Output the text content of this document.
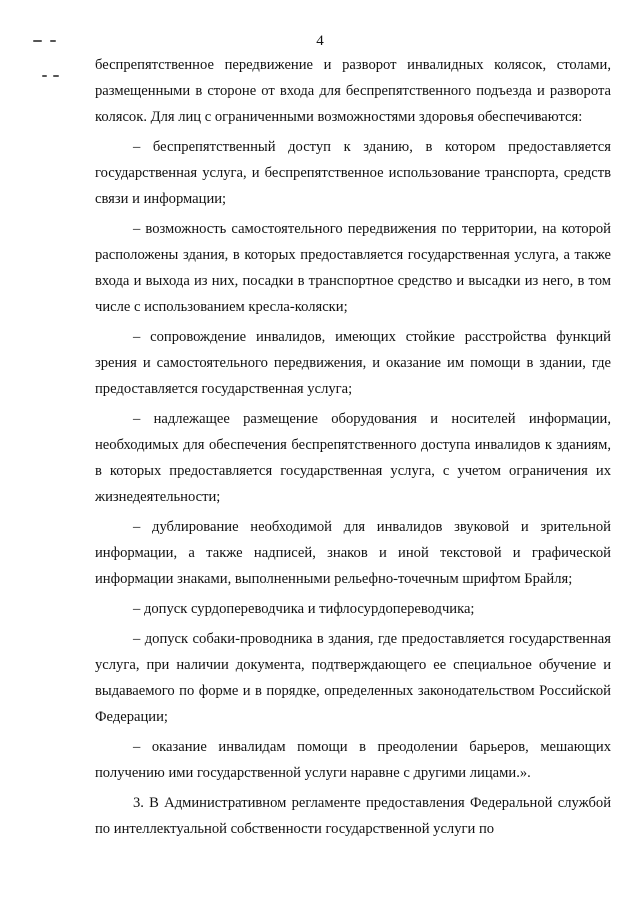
4

беспрепятственное передвижение и разворот инвалидных колясок, столами, размещенными в стороне от входа для беспрепятственного подъезда и разворота колясок. Для лиц с ограниченными возможностями здоровья обеспечиваются:

– беспрепятственный доступ к зданию, в котором предоставляется государственная услуга, и беспрепятственное использование транспорта, средств связи и информации;

– возможность самостоятельного передвижения по территории, на которой расположены здания, в которых предоставляется государственная услуга, а также входа и выхода из них, посадки в транспортное средство и высадки из него, в том числе с использованием кресла-коляски;

– сопровождение инвалидов, имеющих стойкие расстройства функций зрения и самостоятельного передвижения, и оказание им помощи в здании, где предоставляется государственная услуга;

– надлежащее размещение оборудования и носителей информации, необходимых для обеспечения беспрепятственного доступа инвалидов к зданиям, в которых предоставляется государственная услуга, с учетом ограничения их жизнедеятельности;

– дублирование необходимой для инвалидов звуковой и зрительной информации, а также надписей, знаков и иной текстовой и графической информации знаками, выполненными рельефно-точечным шрифтом Брайля;

– допуск сурдопереводчика и тифлосурдопереводчика;

– допуск собаки-проводника в здания, где предоставляется государственная услуга, при наличии документа, подтверждающего ее специальное обучение и выдаваемого по форме и в порядке, определенных законодательством Российской Федерации;

– оказание инвалидам помощи в преодолении барьеров, мешающих получению ими государственной услуги наравне с другими лицами.».

3. В Административном регламенте предоставления Федеральной службой по интеллектуальной собственности государственной услуги по
